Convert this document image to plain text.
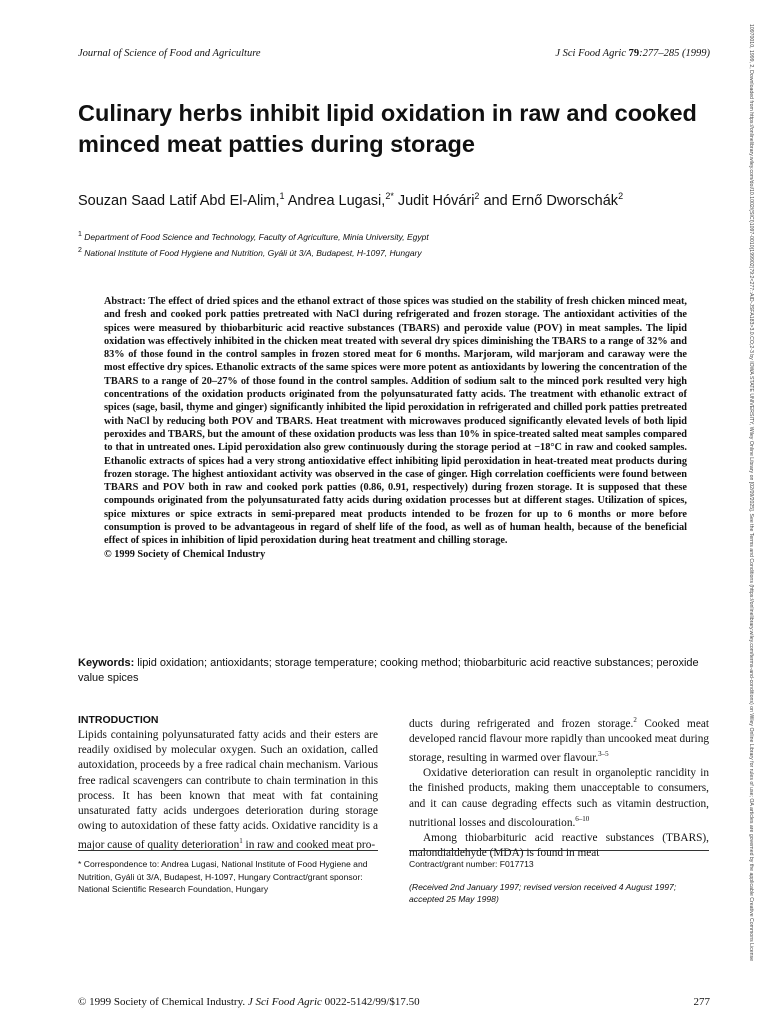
Journal of Science of Food and Agriculture	J Sci Food Agric 79:277–285 (1999)
Culinary herbs inhibit lipid oxidation in raw and cooked minced meat patties during storage
Souzan Saad Latif Abd El-Alim,$^1$ Andrea Lugasi,$^{2*}$ Judit Hóvári$^2$ and Ernő Dworschák$^2$
$^1$ Department of Food Science and Technology, Faculty of Agriculture, Minia University, Egypt
$^2$ National Institute of Food Hygiene and Nutrition, Gyáli út 3/A, Budapest, H-1097, Hungary
Abstract: The effect of dried spices and the ethanol extract of those spices was studied on the stability of fresh chicken minced meat, and fresh and cooked pork patties pretreated with NaCl during refrigerated and frozen storage. The antioxidant activities of the spices were measured by thiobarbituric acid reactive substances (TBARS) and peroxide value (POV) in meat samples. The lipid oxidation was effectively inhibited in the chicken meat treated with several dry spices diminishing the TBARS to a range of 32% and 83% of those found in the control samples in frozen stored meat for 6 months. Marjoram, wild marjoram and caraway were the most effective dry spices. Ethanolic extracts of the same spices were more potent as antioxidants by lowering the concentration of the TBARS to a range of 20–27% of those found in the control samples. Addition of sodium salt to the minced pork resulted very high concentrations of the oxidation products originated from the polyunsaturated fatty acids. The treatment with ethanolic extract of spices (sage, basil, thyme and ginger) significantly inhibited the lipid peroxidation in refrigerated and chilled pork patties pretreated with NaCl by reducing both POV and TBARS. Heat treatment with microwaves produced significantly elevated levels of both lipid peroxides and TBARS, but the amount of these oxidation products was less than 10% in spice-treated salted meat samples compared to that in untreated ones. Lipid peroxidation also grew continuously during the storage period at −18°C in raw and cooked samples. Ethanolic extracts of spices had a very strong antioxidative effect inhibiting lipid peroxidation in heat-treated meat products during frozen storage. The highest antioxidant activity was observed in the case of ginger. High correlation coefficients were found between TBARS and POV both in raw and cooked pork patties (0.86, 0.91, respectively) during frozen storage. It is supposed that these compounds originated from the polyunsaturated fatty acids during oxidation processes but at different stages. Utilization of spices, spice mixtures or spice extracts in semi-prepared meat products intended to be frozen for up to 6 months or more before consumption is proved to be advantageous in regard of shelf life of the food, as well as of human health, because of the beneficial effect of spices in inhibition of lipid peroxidation during heat treatment and chilling storage.
© 1999 Society of Chemical Industry
Keywords: lipid oxidation; antioxidants; storage temperature; cooking method; thiobarbituric acid reactive substances; peroxide value spices
INTRODUCTION

Lipids containing polyunsaturated fatty acids and their esters are readily oxidised by molecular oxygen. Such an oxidation, called autoxidation, proceeds by a free radical chain mechanism. Various free radical scavengers can contribute to chain termination in this process. It has been known that meat with fat containing unsaturated fatty acids undergoes deterioration during storage owing to autoxidation of these fatty acids. Oxidative rancidity is a major cause of quality deterioration$^1$ in raw and cooked meat pro-

ducts during refrigerated and frozen storage.$^2$ Cooked meat developed rancid flavour more rapidly than uncooked meat during storage, resulting in warmed over flavour.$^{3-5}$

Oxidative deterioration can result in organoleptic rancidity in the finished products, making them unacceptable to consumers, and it can cause degrading effects such as vitamin destruction, nutritional losses and discolouration.$^{6-10}$

Among thiobarbituric acid reactive substances (TBARS), malondialdehyde (MDA) is found in meat

* Correspondence to: Andrea Lugasi, National Institute of Food Hygiene and Nutrition, Gyáli út 3/A, Budapest, H-1097, Hungary Contract/grant sponsor: National Scientific Research Foundation, Hungary
Contract/grant number: F017713
(Received 2nd January 1997; revised version received 4 August 1997; accepted 25 May 1998)
© 1999 Society of Chemical Industry. J Sci Food Agric 0022-5142/99/$17.50	277
10970010, 1999, 2, Downloaded from https://onlinelibrary.wiley.com/doi/10.1002/(SICI)1097-0010(199902)79:2<277::AID-JSFA183>3.0.CO;2-3 by IOWA STATE UNIVERSITY, Wiley Online Library on [02/09/2025]. See the Terms and Conditions (https://onlinelibrary.wiley.com/terms-and-conditions) on Wiley Online Library for rules of use; OA articles are governed by the applicable Creative Commons License
